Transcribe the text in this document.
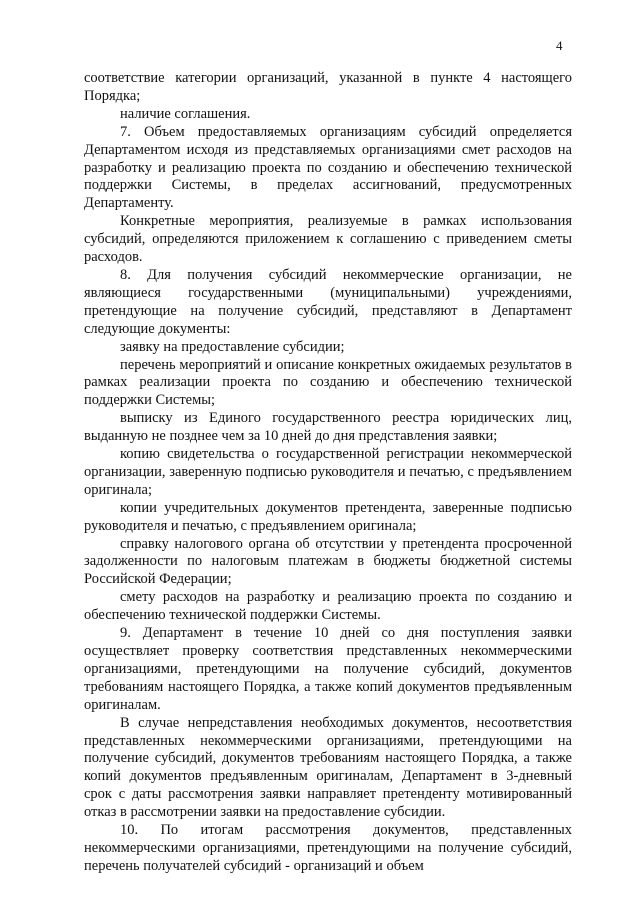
4

соответствие категории организаций, указанной в пункте 4 настоящего Порядка;

наличие соглашения.

7. Объем предоставляемых организациям субсидий определяется Департаментом исходя из представляемых организациями смет расходов на разработку и реализацию проекта по созданию и обеспечению технической поддержки Системы, в пределах ассигнований, предусмотренных Департаменту.

Конкретные мероприятия, реализуемые в рамках использования субсидий, определяются приложением к соглашению с приведением сметы расходов.

8. Для получения субсидий некоммерческие организации, не являющиеся государственными (муниципальными) учреждениями, претендующие на получение субсидий, представляют в Департамент следующие документы:

заявку на предоставление субсидии;

перечень мероприятий и описание конкретных ожидаемых результатов в рамках реализации проекта по созданию и обеспечению технической поддержки Системы;

выписку из Единого государственного реестра юридических лиц, выданную не позднее чем за 10 дней до дня представления заявки;

копию свидетельства о государственной регистрации некоммерческой организации, заверенную подписью руководителя и печатью, с предъявлением оригинала;

копии учредительных документов претендента, заверенные подписью руководителя и печатью, с предъявлением оригинала;

справку налогового органа об отсутствии у претендента просроченной задолженности по налоговым платежам в бюджеты бюджетной системы Российской Федерации;

смету расходов на разработку и реализацию проекта по созданию и обеспечению технической поддержки Системы.

9. Департамент в течение 10 дней со дня поступления заявки осуществляет проверку соответствия представленных некоммерческими организациями, претендующими на получение субсидий, документов требованиям настоящего Порядка, а также копий документов предъявленным оригиналам.

В случае непредставления необходимых документов, несоответствия представленных некоммерческими организациями, претендующими на получение субсидий, документов требованиям настоящего Порядка, а также копий документов предъявленным оригиналам, Департамент в 3-дневный срок с даты рассмотрения заявки направляет претенденту мотивированный отказ в рассмотрении заявки на предоставление субсидии.

10. По итогам рассмотрения документов, представленных некоммерческими организациями, претендующими на получение субсидий, перечень получателей субсидий - организаций и объем
